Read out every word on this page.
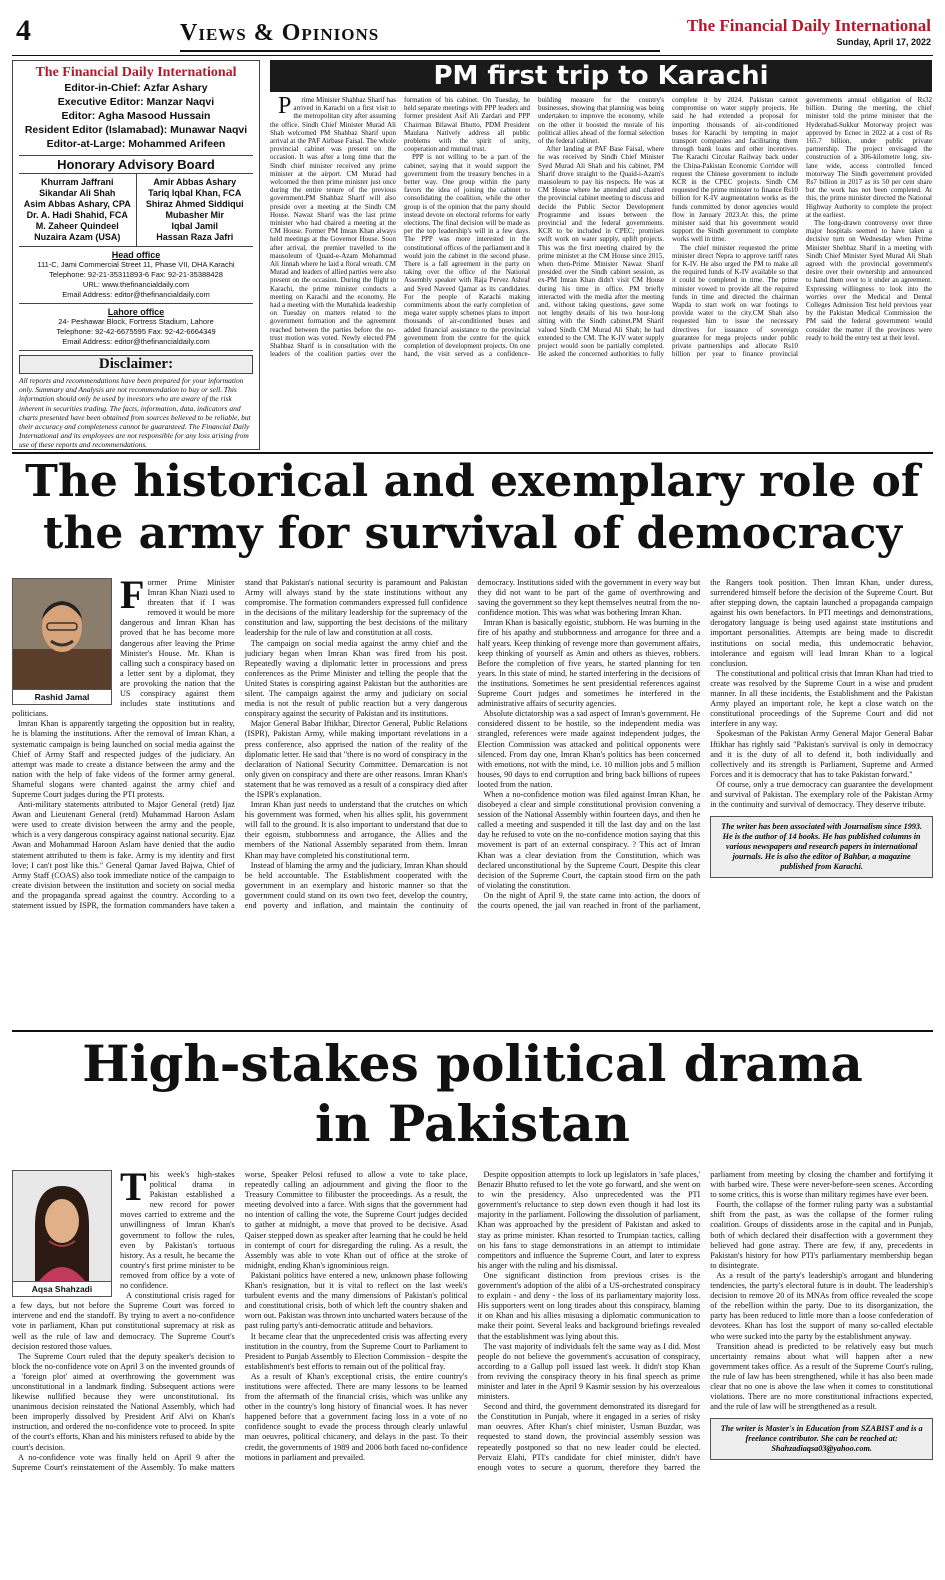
4	Views & Opinions	The Financial Daily International
Sunday, April 17, 2022
The Financial Daily International
Editor-in-Chief: Azfar Ashary
Executive Editor: Manzar Naqvi
Editor: Agha Masood Hussain
Resident Editor (Islamabad): Munawar Naqvi
Editor-at-Large: Mohammed Arifeen
Honorary Advisory Board
Khurram Jaffrani
Sikandar Ali Shah
Asim Abbas Ashary, CPA
Dr. A. Hadi Shahid, FCA
M. Zaheer Quindeel
Nuzaira Azam (USA)
Amir Abbas Ashary
Tariq Iqbal Khan, FCA
Shiraz Ahmed Siddiqui
Mubasher Mir
Iqbal Jamil
Hassan Raza Jafri
Head office
111-C, Jami Commercial Street 11, Phase VII, DHA Karachi
Telephone: 92-21-35311893-6 Fax: 92-21-35388428
URL: www.thefinancialdaily.com
Email Address: editor@thefinancialdaily.com
Lahore office
24- Peshawar Block, Fortress Stadium, Lahore
Telephone: 92-42-6675595 Fax: 92-42-6664349
Email Address: editor@thefinancialdaily.com
Disclaimer:
All reports and recommendations have been prepared for your information only. Summary and Analysis are not recommendation to buy or sell. This information should only be used by investors who are aware of the risk inherent in securities trading. The facts, information, data, indicators and charts presented have been obtained from sources believed to be reliable, but their accuracy and completeness cannot be guaranteed. The Financial Daily International and its employees are not responsible for any loss arising from use of these reports and recommendations.
PM first trip to Karachi

Prime Minister Shahbaz Sharif has arrived in Karachi on a first visit to the metropolitan city after assuming the office. Sindh Chief Minister Murad Ali Shah welcomed PM Shahbaz Sharif upon arrival at the PAF Airbase Faisal. The whole provincial cabinet was present on the occasion. It was after a long time that the Sindh chief minister received any prime minister at the airport. CM Murad had welcomed the then prime minister just once during the entire tenure of the previous government.PM Shahbaz Sharif will also preside over a meeting at the Sindh CM House. Nawaz Sharif was the last prime minister who had chaired a meeting at the CM House. Former PM Imran Khan always held meetings at the Governor House. Soon after arrival, the premier travelled to the mausoleum of Quaid-e-Azam Mohammad Ali Jinnah where he laid a floral wreath. CM Murad and leaders of allied parties were also present on the occasion. During the flight to Karachi, the prime minister conducts a meeting on Karachi and the economy. He had a meeting with the Muttahida leadership on Tuesday on matters related to the government formation and the agreement reached between the parties before the no-trust motion was voted. Newly elected PM Shahbaz Sharif is in consultation with the leaders of the coalition parties over the formation of his cabinet. On Tuesday, he held separate meetings with PPP leaders and former president Asif Ali Zardari and PPP Chairman Bilawal Bhutto, PDM President Maulana Natively address all public problems with the spirit of unity, cooperation and mutual trust.

PPP is not willing to be a part of the cabinet, saying that it would support the government from the treasury benches in a better way. One group within the party favors the idea of joining the cabinet to consolidating the coalition, while the other group is of the opinion that the party should instead devote on electoral reforms for early elections. The final decision will be made as per the top leadership's will in a few days. The PPP was more interested in the constitutional offices of the parliament and it would join the cabinet in the second phase. There is a fall agreement in the party on taking over the office of the National Assembly speaker with Raja Pervez Ashraf and Syed Naveed Qamar as its candidates. For the people of Karachi making commitments about the early completion of mega water supply schemes plans to import thousands of air-conditioned buses and added financial assistance to the provincial government from the centre for the quick completion of development projects. On one hand, the visit served as a confidence-building measure for the country's businesses, showing that planning was being undertaken to improve the economy, while on the other it boosted the morale of his political allies ahead of the formal selection of the federal cabinet.

After landing at PAF Base Faisal, where he was received by Sindh Chief Minister Syed Murad Ali Shah and his cabinet, PM Sharif drove straight to the Quaid-i-Azam's mausoleum to pay his respects. He was at CM House where he attended and chaired the provincial cabinet meeting to discuss and decide the Public Sector Development Programme and issues between the provincial and the federal governments. KCR to be included in CPEC; promises swift work on water supply, uplift projects. This was the first meeting chaired by the prime minister at the CM House since 2015, when then-Prime Minister Nawaz Sharif presided over the Sindh cabinet session, as ex-PM Imran Khan didn't visit CM House during his time in office. PM briefly interacted with the media after the meeting and, without taking questions, gave some not lengthy details of his two hour-long sitting with the Sindh cabinet.PM Sharif valued Sindh CM Murad Ali Shah; he had extended to the CM. The K-IV water supply project would soon be partially completed. He asked the concerned authorities to fully complete it by 2024. Pakistan cannot compromise on water supply projects. He said he had extended a proposal for importing thousands of air-conditioned buses for Karachi by tempting in major transport companies and facilitating them through bank loans and other incentives. The Karachi Circular Railway back under the China-Pakistan Economic Corridor will request the Chinese government to include KCR in the CPEC projects. Sindh CM requested the prime minister to finance Rs10 billion for K-IV augmentation works as the funds committed by donor agencies would flow in January 2023.At this, the prime minister said that his government would support the Sindh government to complete works well in time.

The chief minister requested the prime minister direct Nepra to approve tariff rates for K-IV. He also urged the PM to make all the required funds of K-IV available so that it could be completed in time. The prime minister vowed to provide all the required funds in time and directed the chairman Wapda to start work on war footings to provide water to the city.CM Shah also requested him to issue the necessary directives for issuance of sovereign guarantee for mega projects under public private partnerships and allocate Rs10 billion per year to finance provincial governments annual obligation of Rs32 billion. During the meeting, the chief minister told the prime minister that the Hyderabad-Sukkur Motorway project was approved by Ecnec in 2022 at a cost of Rs 165.7 billion, under public private partnership. The project envisaged the construction of a 306-kilometre long, six-lane wide, access controlled fenced motorway The Sindh government provided Rs7 billion in 2017 as its 50 per cent share but the work has not been completed. At this, the prime minister directed the National Highway Authority to complete the project at the earliest.

The long-drawn controversy over three major hospitals seemed to have taken a decisive turn on Wednesday when Prime Minister Shehbaz Sharif in a meeting with Sindh Chief Minister Syed Murad Ali Shah agreed with the provincial government's desire over their ownership and announced to hand them over to it under an agreement. Expressing willingness to look into the worries over the Medical and Dental Colleges Admission Test held previous year by the Pakistan Medical Commission the PM said the federal government would consider the matter if the provinces were ready to hold the entry test at their level.

The historical and exemplary role of
the army for survival of democracy
Rashid Jamal
F ormer Prime Minister Imran Khan Niazi used to threaten that if I was removed it would be more dangerous and Imran Khan has proved that he has become more dangerous after leaving the Prime Minister's House. Mr. Khan is calling such a conspiracy based on a letter sent by a diplomat, they are provoking the nation that the US conspiracy against them includes state institutions and politicians.

Imran Khan is apparently targeting the opposition but in reality, he is blaming the institutions. After the removal of Imran Khan, a systematic campaign is being launched on social media against the Chief of Army Staff and respected judges of the judiciary. An attempt was made to create a distance between the army and the nation with the help of fake videos of the former army general. Shameful slogans were chanted against the army chief and Supreme Court judges during the PTI protests.

Anti-military statements attributed to Major General (retd) Ijaz Awan and Lieutenant General (retd) Muhammad Haroon Aslam were used to create division between the army and the people, which is a very dangerous conspiracy against national security. Ejaz Awan and Mohammad Haroon Aslam have denied that the audio statement attributed to them is fake. Army is my identity and first love; I can't post like this." General Qamar Javed Bajwa, Chief of Army Staff (COAS) also took immediate notice of the campaign to create division between the institution and society on social media and the propaganda spread against the country. According to a statement issued by ISPR, the formation commanders have taken a stand that Pakistan's national security is paramount and Pakistan Army will always stand by the state institutions without any compromise. The formation commanders expressed full confidence in the decisions of the military leadership for the supremacy of the constitution and law, supporting the best decisions of the military leadership for the rule of law and constitution at all costs.

The campaign on social media against the army chief and the judiciary began when Imran Khan was fired from his post. Repeatedly waving a diplomatic letter in processions and press conferences as the Prime Minister and telling the people that the United States is conspiring against Pakistan but the authorities are silent. The campaign against the army and judiciary on social media is not the result of public reaction but a very dangerous conspiracy against the security of Pakistan and its institutions.

Major General Babar Iftikhar, Director General, Public Relations (ISPR), Pakistan Army, while making important revelations in a press conference, also apprised the nation of the reality of the diplomatic letter. He said that "there is no word of conspiracy in the declaration of National Security Committee. Demarcation is not only given on conspiracy and there are other reasons. Imran Khan's statement that he was removed as a result of a conspiracy died after the ISPR's explanation.

Imran Khan just needs to understand that the crutches on which his government was formed, when his allies split, his government will fall to the ground. It is also important to understand that due to their egoism, stubbornness and arrogance, the Allies and the members of the National Assembly separated from them. Imran Khan may have completed his constitutional term.

Instead of blaming the army and the judiciary, Imran Khan should be held accountable. The Establishment cooperated with the government in an exemplary and historic manner so that the government could stand on its own two feet, develop the country, end poverty and inflation, and maintain the continuity of democracy. Institutions sided with the government in every way but they did not want to be part of the game of overthrowing and saving the government so they kept themselves neutral from the no-confidence motion. This was what was bothering Imran Khan.

Imran Khan is basically egoistic, stubborn. He was burning in the fire of his apathy and stubbornness and arrogance for three and a half years. Keep thinking of revenge more than government affairs, keep thinking of yourself as Amin and others as thieves, robbers. Before the completion of five years, he started planning for ten years. In this state of mind, he started interfering in the decisions of the institutions. Sometimes he sent presidential references against Supreme Court judges and sometimes he interfered in the administrative affairs of security agencies.

Absolute dictatorship was a sad aspect of Imran's government. He considered dissent to be hostile, so the independent media was strangled, references were made against independent judges, the Election Commission was attacked and political opponents were silenced. From day one, Imran Khan's politics has been concerned with emotions, not with the mind, i.e. 10 million jobs and 5 million houses, 90 days to end corruption and bring back billions of rupees looted from the nation.

When a no-confidence motion was filed against Imran Khan, he disobeyed a clear and simple constitutional provision convening a session of the National Assembly within fourteen days, and then he called a meeting and suspended it till the last day and on the last day he refused to vote on the no-confidence motion saying that this movement is part of an external conspiracy. ? This act of Imran Khan was a clear deviation from the Constitution, which was declared unconstitutional by the Supreme Court. Despite this clear decision of the Supreme Court, the captain stood firm on the path of violating the constitution.

On the night of April 9, the state came into action, the doors of the courts opened, the jail van reached in front of the parliament, the Rangers took position. Then Imran Khan, under duress, surrendered himself before the decision of the Supreme Court. But after stepping down, the captain launched a propaganda campaign against his own benefactors. In PTI meetings and demonstrations, derogatory language is being used against state institutions and important personalities. Attempts are being made to discredit institutions on social media, this undemocratic behavior, intolerance and egoism will lead Imran Khan to a logical conclusion.

The constitutional and political crisis that Imran Khan had tried to create was resolved by the Supreme Court in a wise and prudent manner. In all these incidents, the Establishment and the Pakistan Army played an important role, he kept a close watch on the constitutional proceedings of the Supreme Court and did not interfere in any way.

Spokesman of the Pakistan Army General Major General Babar Iftikhar has rightly said "Pakistan's survival is only in democracy and it is the duty of all to defend it, both individually and collectively and its strength is Parliament, Supreme and Armed Forces and it is democracy that has to take Pakistan forward."

Of course, only a true democracy can guarantee the development and survival of Pakistan. The exemplary role of the Pakistan Army in the continuity and survival of democracy. They deserve tribute.

The writer has been associated with Journalism since 1993. He is the author of 14 books. He has published columns in various newspapers and research papers in international journals. He is also the editor of Bahbar, a magazine published from Karachi.
High-stakes political drama
in Pakistan
Aqsa Shahzadi
T his week's high-stakes political drama in Pakistan established a new record for power moves carried to extreme and the unwillingness of Imran Khan's government to follow the rules, even by Pakistan's tortuous history. As a result, he became the country's first prime minister to be removed from office by a vote of no confidence.

A constitutional crisis raged for a few days, but not before the Supreme Court was forced to intervene and end the standoff. By trying to avert a no-confidence vote in parliament, Khan put constitutional supremacy at risk as well as the rule of law and democracy. The Supreme Court's decision restored those values.

The Supreme Court ruled that the deputy speaker's decision to block the no-confidence vote on April 3 on the invented grounds of a 'foreign plot' aimed at overthrowing the government was unconstitutional in a landmark finding. Subsequent actions were likewise nullified because they were unconstitutional. Its unanimous decision reinstated the National Assembly, which had been improperly dissolved by President Arif Alvi on Khan's instruction, and ordered the no-confidence vote to proceed. In spite of the court's efforts, Khan and his ministers refused to abide by the court's decision.

A no-confidence vote was finally held on April 9 after the Supreme Court's reinstatement of the Assembly. To make matters worse, Speaker Pelosi refused to allow a vote to take place, repeatedly calling an adjournment and giving the floor to the Treasury Committee to filibuster the proceedings. As a result, the meeting devolved into a farce. With signs that the government had no intention of calling the vote, the Supreme Court judges decided to gather at midnight, a move that proved to be decisive. Asad Qaiser stepped down as speaker after learning that he could be held in contempt of court for disregarding the ruling. As a result, the Assembly was able to vote Khan out of office at the stroke of midnight, ending Khan's ignominious reign.

Pakistani politics have entered a new, unknown phase following Khan's resignation, but it is vital to reflect on the last week's turbulent events and the many dimensions of Pakistan's political and constitutional crisis, both of which left the country shaken and worn out. Pakistan was thrown into uncharted waters because of the past ruling party's anti-democratic attitude and behaviors.

It became clear that the unprecedented crisis was affecting every institution in the country, from the Supreme Court to Parliament to President to Punjab Assembly to Election Commission - despite the establishment's best efforts to remain out of the political fray.

As a result of Khan's exceptional crisis, the entire country's institutions were affected. There are many lessons to be learned from the aftermath of the financial crisis, which was unlike any other in the country's long history of financial woes. It has never happened before that a government facing loss in a vote of no confidence sought to evade the process through clearly unlawful man oeuvres, political chicanery, and delays in the past. To their credit, the governments of 1989 and 2006 both faced no-confidence motions in parliament and prevailed.

Despite opposition attempts to lock up legislators in 'safe places,' Benazir Bhutto refused to let the vote go forward, and she went on to win the presidency. Also unprecedented was the PTI government's reluctance to step down even though it had lost its majority in the parliament. Following the dissolution of parliament, Khan was approached by the president of Pakistan and asked to stay as prime minister. Khan resorted to Trumpian tactics, calling on his fans to stage demonstrations in an attempt to intimidate competitors and influence the Supreme Court, and later to express his anger with the ruling and his dismissal.

One significant distinction from previous crises is the government's adoption of the alibi of a US-orchestrated conspiracy to explain - and deny - the loss of its parliamentary majority loss. His supporters went on long tirades about this conspiracy, blaming it on Khan and his allies misusing a diplomatic communication to make their point. Several leaks and background briefings revealed that the establishment was lying about this.

The vast majority of individuals felt the same way as I did. Most people do not believe the government's accusation of conspiracy, according to a Gallup poll issued last week. It didn't stop Khan from reviving the conspiracy theory in his final speech as prime minister and later in the April 9 Kasmir session by his overzealous ministers.

Second and third, the government demonstrated its disregard for the Constitution in Punjab, where it engaged in a series of risky man oeuvres. After Khan's chief minister, Usman Buzdar, was requested to stand down, the provincial assembly session was repeatedly postponed so that no new leader could be elected. Pervaiz Elahi, PTI's candidate for chief minister, didn't have enough votes to secure a quorum, therefore they barred the parliament from meeting by closing the chamber and fortifying it with barbed wire. These were never-before-seen scenes. According to some critics, this is worse than military regimes have ever been.

Fourth, the collapse of the former ruling party was a substantial shift from the past, as was the collapse of the former ruling coalition. Groups of dissidents arose in the capital and in Punjab, both of which declared their disaffection with a government they believed had gone astray. There are few, if any, precedents in Pakistan's history for how PTI's parliamentary membership began to disintegrate.

As a result of the party's leadership's arrogant and blundering tendencies, the party's electoral future is in doubt. The leadership's decision to remove 20 of its MNAs from office revealed the scope of the rebellion within the party. Due to its disorganization, the party has been reduced to little more than a loose confederation of devotees. Khan has lost the support of many so-called electable who were sucked into the party by the establishment anyway.

Transition ahead is predicted to be relatively easy but much uncertainty remains about what will happen after a new government takes office. As a result of the Supreme Court's ruling, the rule of law has been strengthened, while it has also been made clear that no one is above the law when it comes to constitutional violations. There are no more constitutional infractions expected, and the rule of law will be strengthened as a result.

The writer is Master's in Education from SZABIST and is a freelance contributor. She can be reached at: Shahzadiaqsa03@yahoo.com.
